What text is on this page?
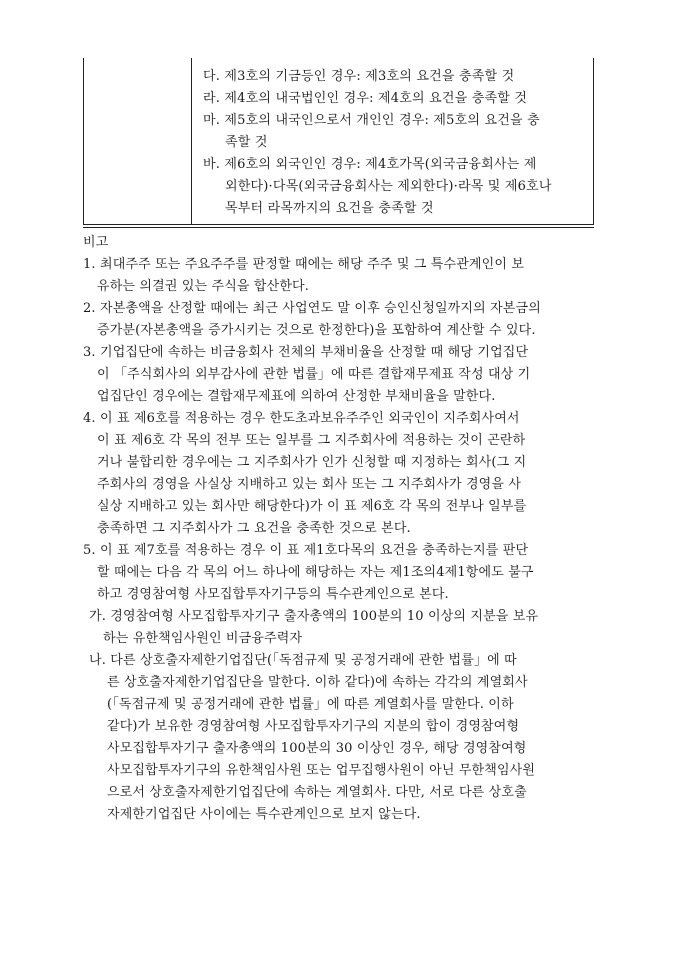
다. 제3호의 기금등인 경우: 제3호의 요건을 충족할 것
라. 제4호의 내국법인인 경우: 제4호의 요건을 충족할 것
마. 제5호의 내국인으로서 개인인 경우: 제5호의 요건을 충
족할 것
바. 제6호의 외국인인 경우: 제4호가목(외국금융회사는 제
외한다)·다목(외국금융회사는 제외한다)·라목 및 제6호나
목부터 라목까지의 요건을 충족할 것
비고
1. 최대주주 또는 주요주주를 판정할 때에는 해당 주주 및 그 특수관계인이 보
유하는 의결권 있는 주식을 합산한다.
2. 자본총액을 산정할 때에는 최근 사업연도 말 이후 승인신청일까지의 자본금의
증가분(자본총액을 증가시키는 것으로 한정한다)을 포함하여 계산할 수 있다.
3. 기업집단에 속하는 비금융회사 전체의 부채비율을 산정할 때 해당 기업집단
이 「주식회사의 외부감사에 관한 법률」에 따른 결합재무제표 작성 대상 기
업집단인 경우에는 결합재무제표에 의하여 산정한 부채비율을 말한다.
4. 이 표 제6호를 적용하는 경우 한도초과보유주주인 외국인이 지주회사여서
이 표 제6호 각 목의 전부 또는 일부를 그 지주회사에 적용하는 것이 곤란하
거나 불합리한 경우에는 그 지주회사가 인가 신청할 때 지정하는 회사(그 지
주회사의 경영을 사실상 지배하고 있는 회사 또는 그 지주회사가 경영을 사
실상 지배하고 있는 회사만 해당한다)가 이 표 제6호 각 목의 전부나 일부를
충족하면 그 지주회사가 그 요건을 충족한 것으로 본다.
5. 이 표 제7호를 적용하는 경우 이 표 제1호다목의 요건을 충족하는지를 판단
할 때에는 다음 각 목의 어느 하나에 해당하는 자는 제1조의4제1항에도 불구
하고 경영참여형 사모집합투자기구등의 특수관계인으로 본다.
가. 경영참여형 사모집합투자기구 출자총액의 100분의 10 이상의 지분을 보유
하는 유한책임사원인 비금융주력자
나. 다른 상호출자제한기업집단(「독점규제 및 공정거래에 관한 법률」에 따
른 상호출자제한기업집단을 말한다. 이하 같다)에 속하는 각각의 계열회사
(「독점규제 및 공정거래에 관한 법률」에 따른 계열회사를 말한다. 이하
같다)가 보유한 경영참여형 사모집합투자기구의 지분의 합이 경영참여형
사모집합투자기구 출자총액의 100분의 30 이상인 경우, 해당 경영참여형
사모집합투자기구의 유한책임사원 또는 업무집행사원이 아닌 무한책임사원
으로서 상호출자제한기업집단에 속하는 계열회사. 다만, 서로 다른 상호출
자제한기업집단 사이에는 특수관계인으로 보지 않는다.
